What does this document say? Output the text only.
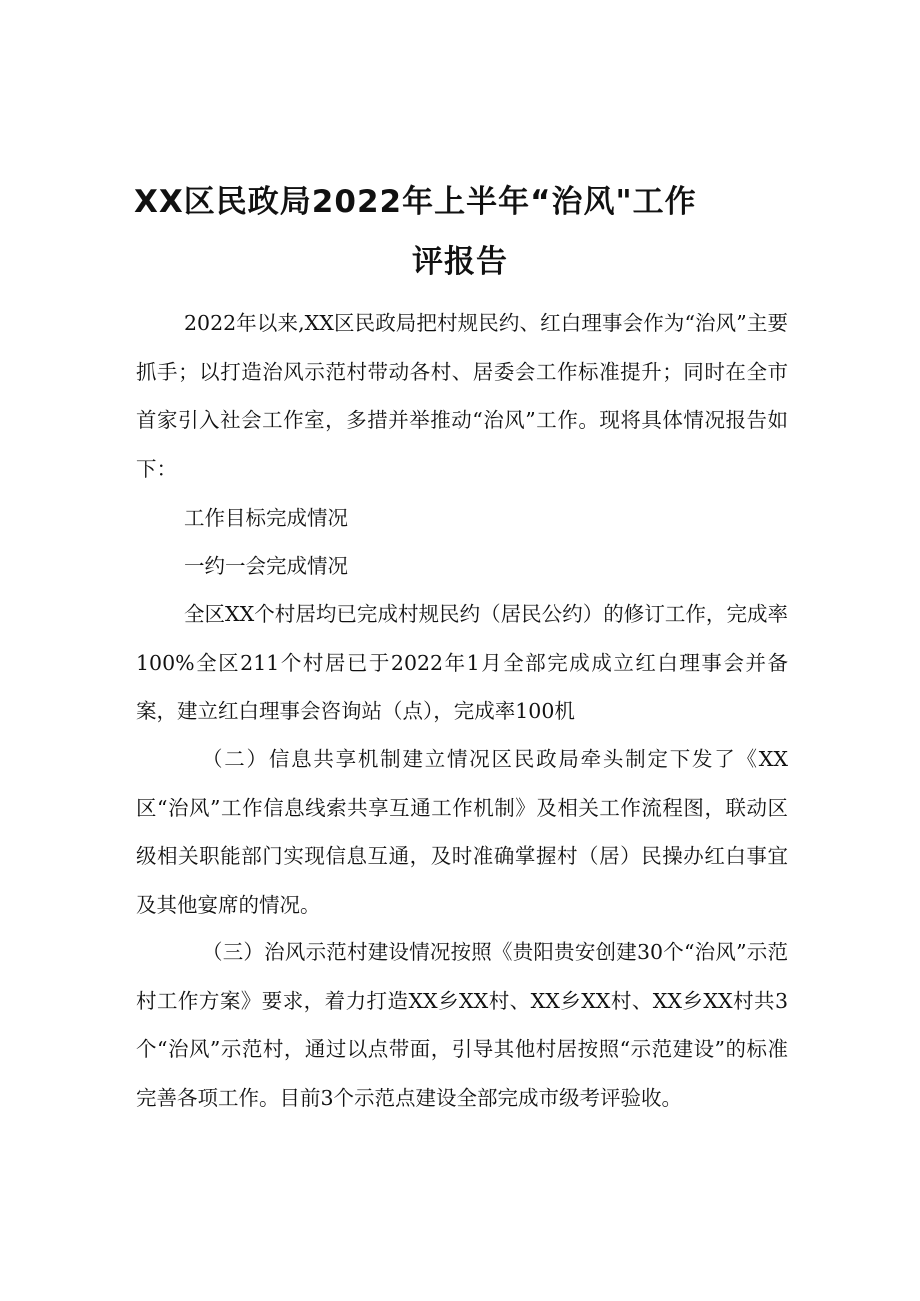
XX区民政局2022年上半年“治风"工作
评报告

2022年以来,XX区民政局把村规民约、红白理事会作为“治风”主要抓手；以打造治风示范村带动各村、居委会工作标准提升；同时在全市首家引入社会工作室，多措并举推动“治风”工作。现将具体情况报告如下：

工作目标完成情况

一约一会完成情况

全区XX个村居均已完成村规民约（居民公约）的修订工作，完成率100%全区211个村居已于2022年1月全部完成成立红白理事会并备案，建立红白理事会咨询站（点），完成率100机

（二）信息共享机制建立情况区民政局牵头制定下发了《XX区“治风”工作信息线索共享互通工作机制》及相关工作流程图，联动区级相关职能部门实现信息互通，及时准确掌握村（居）民操办红白事宜及其他宴席的情况。

（三）治风示范村建设情况按照《贵阳贵安创建30个“治风”示范村工作方案》要求，着力打造XX乡XX村、XX乡XX村、XX乡XX村共3个“治风”示范村，通过以点带面，引导其他村居按照“示范建设”的标准完善各项工作。目前3个示范点建设全部完成市级考评验收。
